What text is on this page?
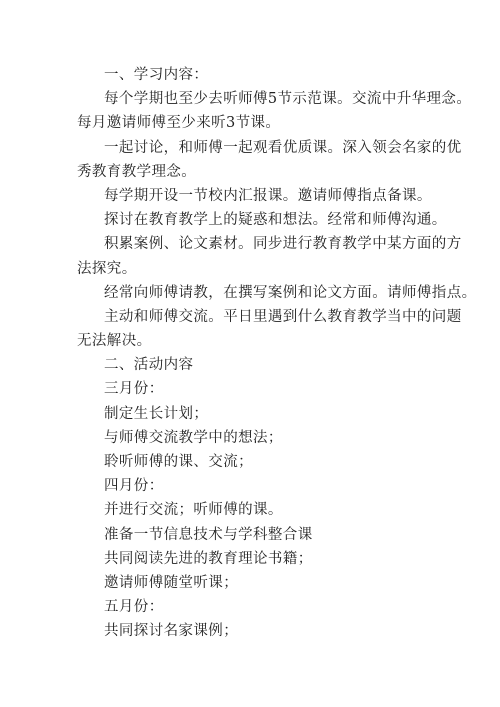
一、学习内容：
每个学期也至少去听师傅5节示范课。交流中升华理念。
每月邀请师傅至少来听3节课。
一起讨论，和师傅一起观看优质课。深入领会名家的优
秀教育教学理念。
每学期开设一节校内汇报课。邀请师傅指点备课。
探讨在教育教学上的疑惑和想法。经常和师傅沟通。
积累案例、论文素材。同步进行教育教学中某方面的方
法探究。
经常向师傅请教，在撰写案例和论文方面。请师傅指点。
主动和师傅交流。平日里遇到什么教育教学当中的问题
无法解决。
二、活动内容
三月份：
制定生长计划；
与师傅交流教学中的想法；
聆听师傅的课、交流；
四月份：
并进行交流；听师傅的课。
准备一节信息技术与学科整合课
共同阅读先进的教育理论书籍；
邀请师傅随堂听课；
五月份：
共同探讨名家课例；
